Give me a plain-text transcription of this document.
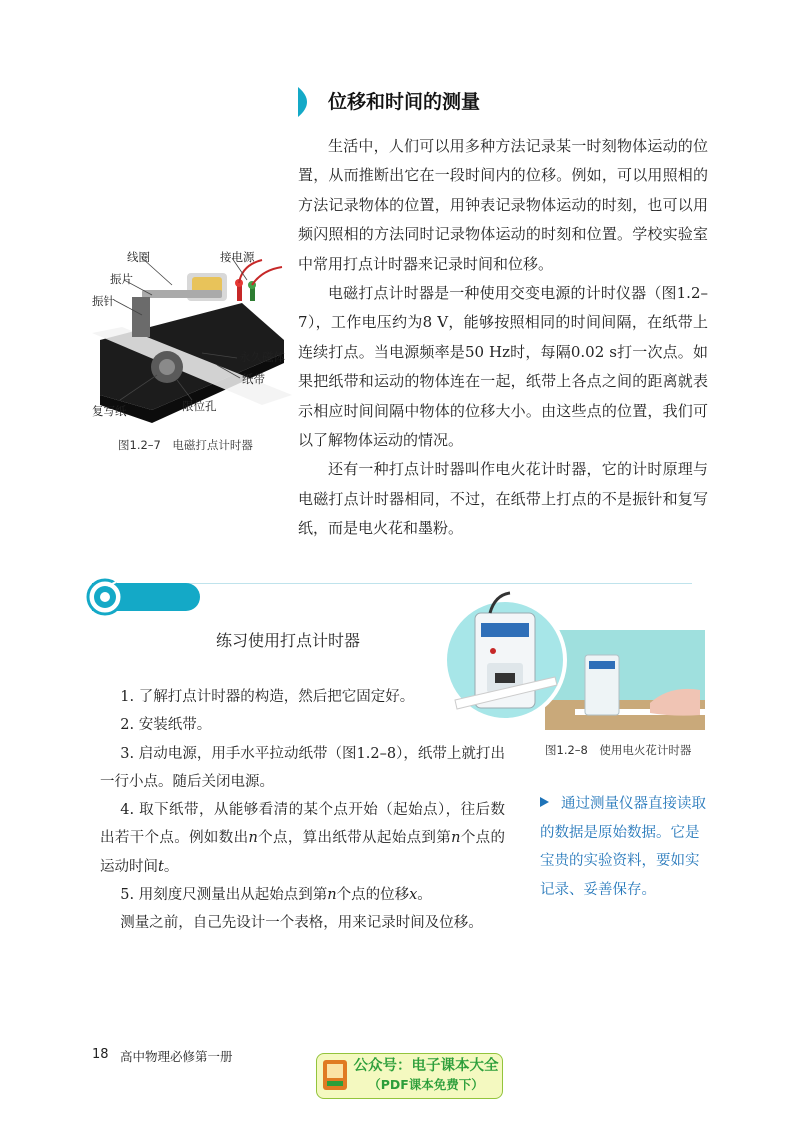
位移和时间的测量

生活中，人们可以用多种方法记录某一时刻物体运动的位置，从而推断出它在一段时间内的位移。例如，可以用照相的方法记录物体的位置，用钟表记录物体运动的时刻，也可以用频闪照相的方法同时记录物体运动的时刻和位置。学校实验室中常用打点计时器来记录时间和位移。

电磁打点计时器是一种使用交变电源的计时仪器（图1.2–7），工作电压约为8 V，能够按照相同的时间间隔，在纸带上连续打点。当电源频率是50 Hz时，每隔0.02 s打一次点。如果把纸带和运动的物体连在一起，纸带上各点之间的距离就表示相应时间间隔中物体的位移大小。由这些点的位置，我们可以了解物体运动的情况。

还有一种打点计时器叫作电火花计时器，它的计时原理与电磁打点计时器相同，不过，在纸带上打点的不是振针和复写纸，而是电火花和墨粉。

线圈	接电源
振片
振针
永久磁体
纸带
复写纸	限位孔
图1.2–7　电磁打点计时器
练习使用打点计时器

1. 了解打点计时器的构造，然后把它固定好。

2. 安装纸带。

3. 启动电源，用手水平拉动纸带（图1.2–8），纸带上就打出一行小点。随后关闭电源。

4. 取下纸带，从能够看清的某个点开始（起始点），往后数出若干个点。例如数出n个点，算出纸带从起始点到第n个点的运动时间t。

5. 用刻度尺测量出从起始点到第n个点的位移x。

测量之前，自己先设计一个表格，用来记录时间及位移。

图1.2–8　使用电火花计时器
通过测量仪器直接读取的数据是原始数据。它是宝贵的实验资料，要如实记录、妥善保存。
18 高中物理必修第一册
公众号：电子课本大全
（PDF课本免费下）
